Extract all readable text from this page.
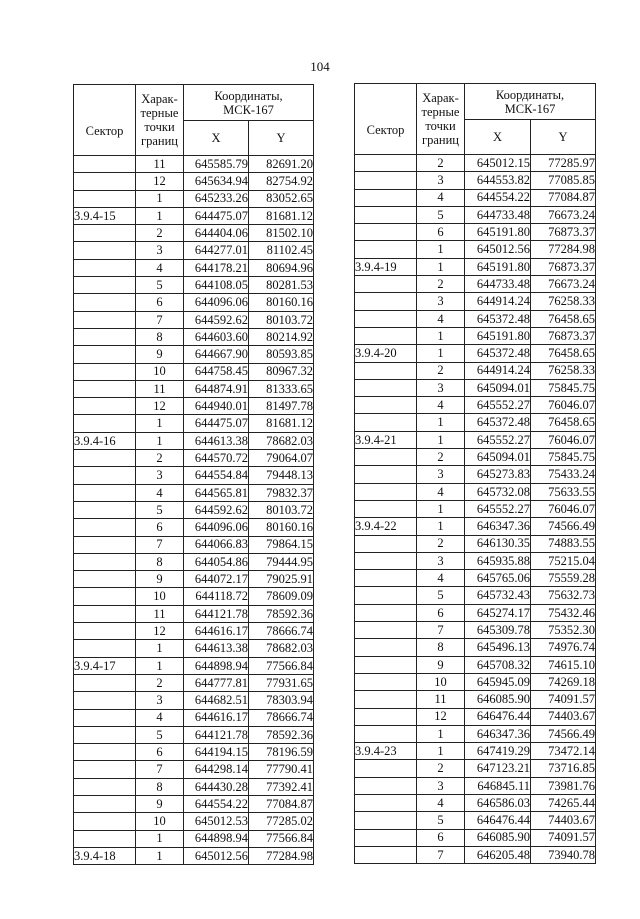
104
Сектор	Харак-терные точки границ	Координаты, МСК-167	
		X	Y
	11	645585.79	82691.20
	12	645634.94	82754.92
	1	645233.26	83052.65
3.9.4-15	1	644475.07	81681.12
	2	644404.06	81502.10
	3	644277.01	81102.45
	4	644178.21	80694.96
	5	644108.05	80281.53
	6	644096.06	80160.16
	7	644592.62	80103.72
	8	644603.60	80214.92
	9	644667.90	80593.85
	10	644758.45	80967.32
	11	644874.91	81333.65
	12	644940.01	81497.78
	1	644475.07	81681.12
3.9.4-16	1	644613.38	78682.03
	2	644570.72	79064.07
	3	644554.84	79448.13
	4	644565.81	79832.37
	5	644592.62	80103.72
	6	644096.06	80160.16
	7	644066.83	79864.15
	8	644054.86	79444.95
	9	644072.17	79025.91
	10	644118.72	78609.09
	11	644121.78	78592.36
	12	644616.17	78666.74
	1	644613.38	78682.03
3.9.4-17	1	644898.94	77566.84
	2	644777.81	77931.65
	3	644682.51	78303.94
	4	644616.17	78666.74
	5	644121.78	78592.36
	6	644194.15	78196.59
	7	644298.14	77790.41
	8	644430.28	77392.41
	9	644554.22	77084.87
	10	645012.53	77285.02
	1	644898.94	77566.84
3.9.4-18	1	645012.56	77284.98
Сектор	Харак-терные точки границ	Координаты, МСК-167	
		X	Y
	2	645012.15	77285.97
	3	644553.82	77085.85
	4	644554.22	77084.87
	5	644733.48	76673.24
	6	645191.80	76873.37
	1	645012.56	77284.98
3.9.4-19	1	645191.80	76873.37
	2	644733.48	76673.24
	3	644914.24	76258.33
	4	645372.48	76458.65
	1	645191.80	76873.37
3.9.4-20	1	645372.48	76458.65
	2	644914.24	76258.33
	3	645094.01	75845.75
	4	645552.27	76046.07
	1	645372.48	76458.65
3.9.4-21	1	645552.27	76046.07
	2	645094.01	75845.75
	3	645273.83	75433.24
	4	645732.08	75633.55
	1	645552.27	76046.07
3.9.4-22	1	646347.36	74566.49
	2	646130.35	74883.55
	3	645935.88	75215.04
	4	645765.06	75559.28
	5	645732.43	75632.73
	6	645274.17	75432.46
	7	645309.78	75352.30
	8	645496.13	74976.74
	9	645708.32	74615.10
	10	645945.09	74269.18
	11	646085.90	74091.57
	12	646476.44	74403.67
	1	646347.36	74566.49
3.9.4-23	1	647419.29	73472.14
	2	647123.21	73716.85
	3	646845.11	73981.76
	4	646586.03	74265.44
	5	646476.44	74403.67
	6	646085.90	74091.57
	7	646205.48	73940.78
